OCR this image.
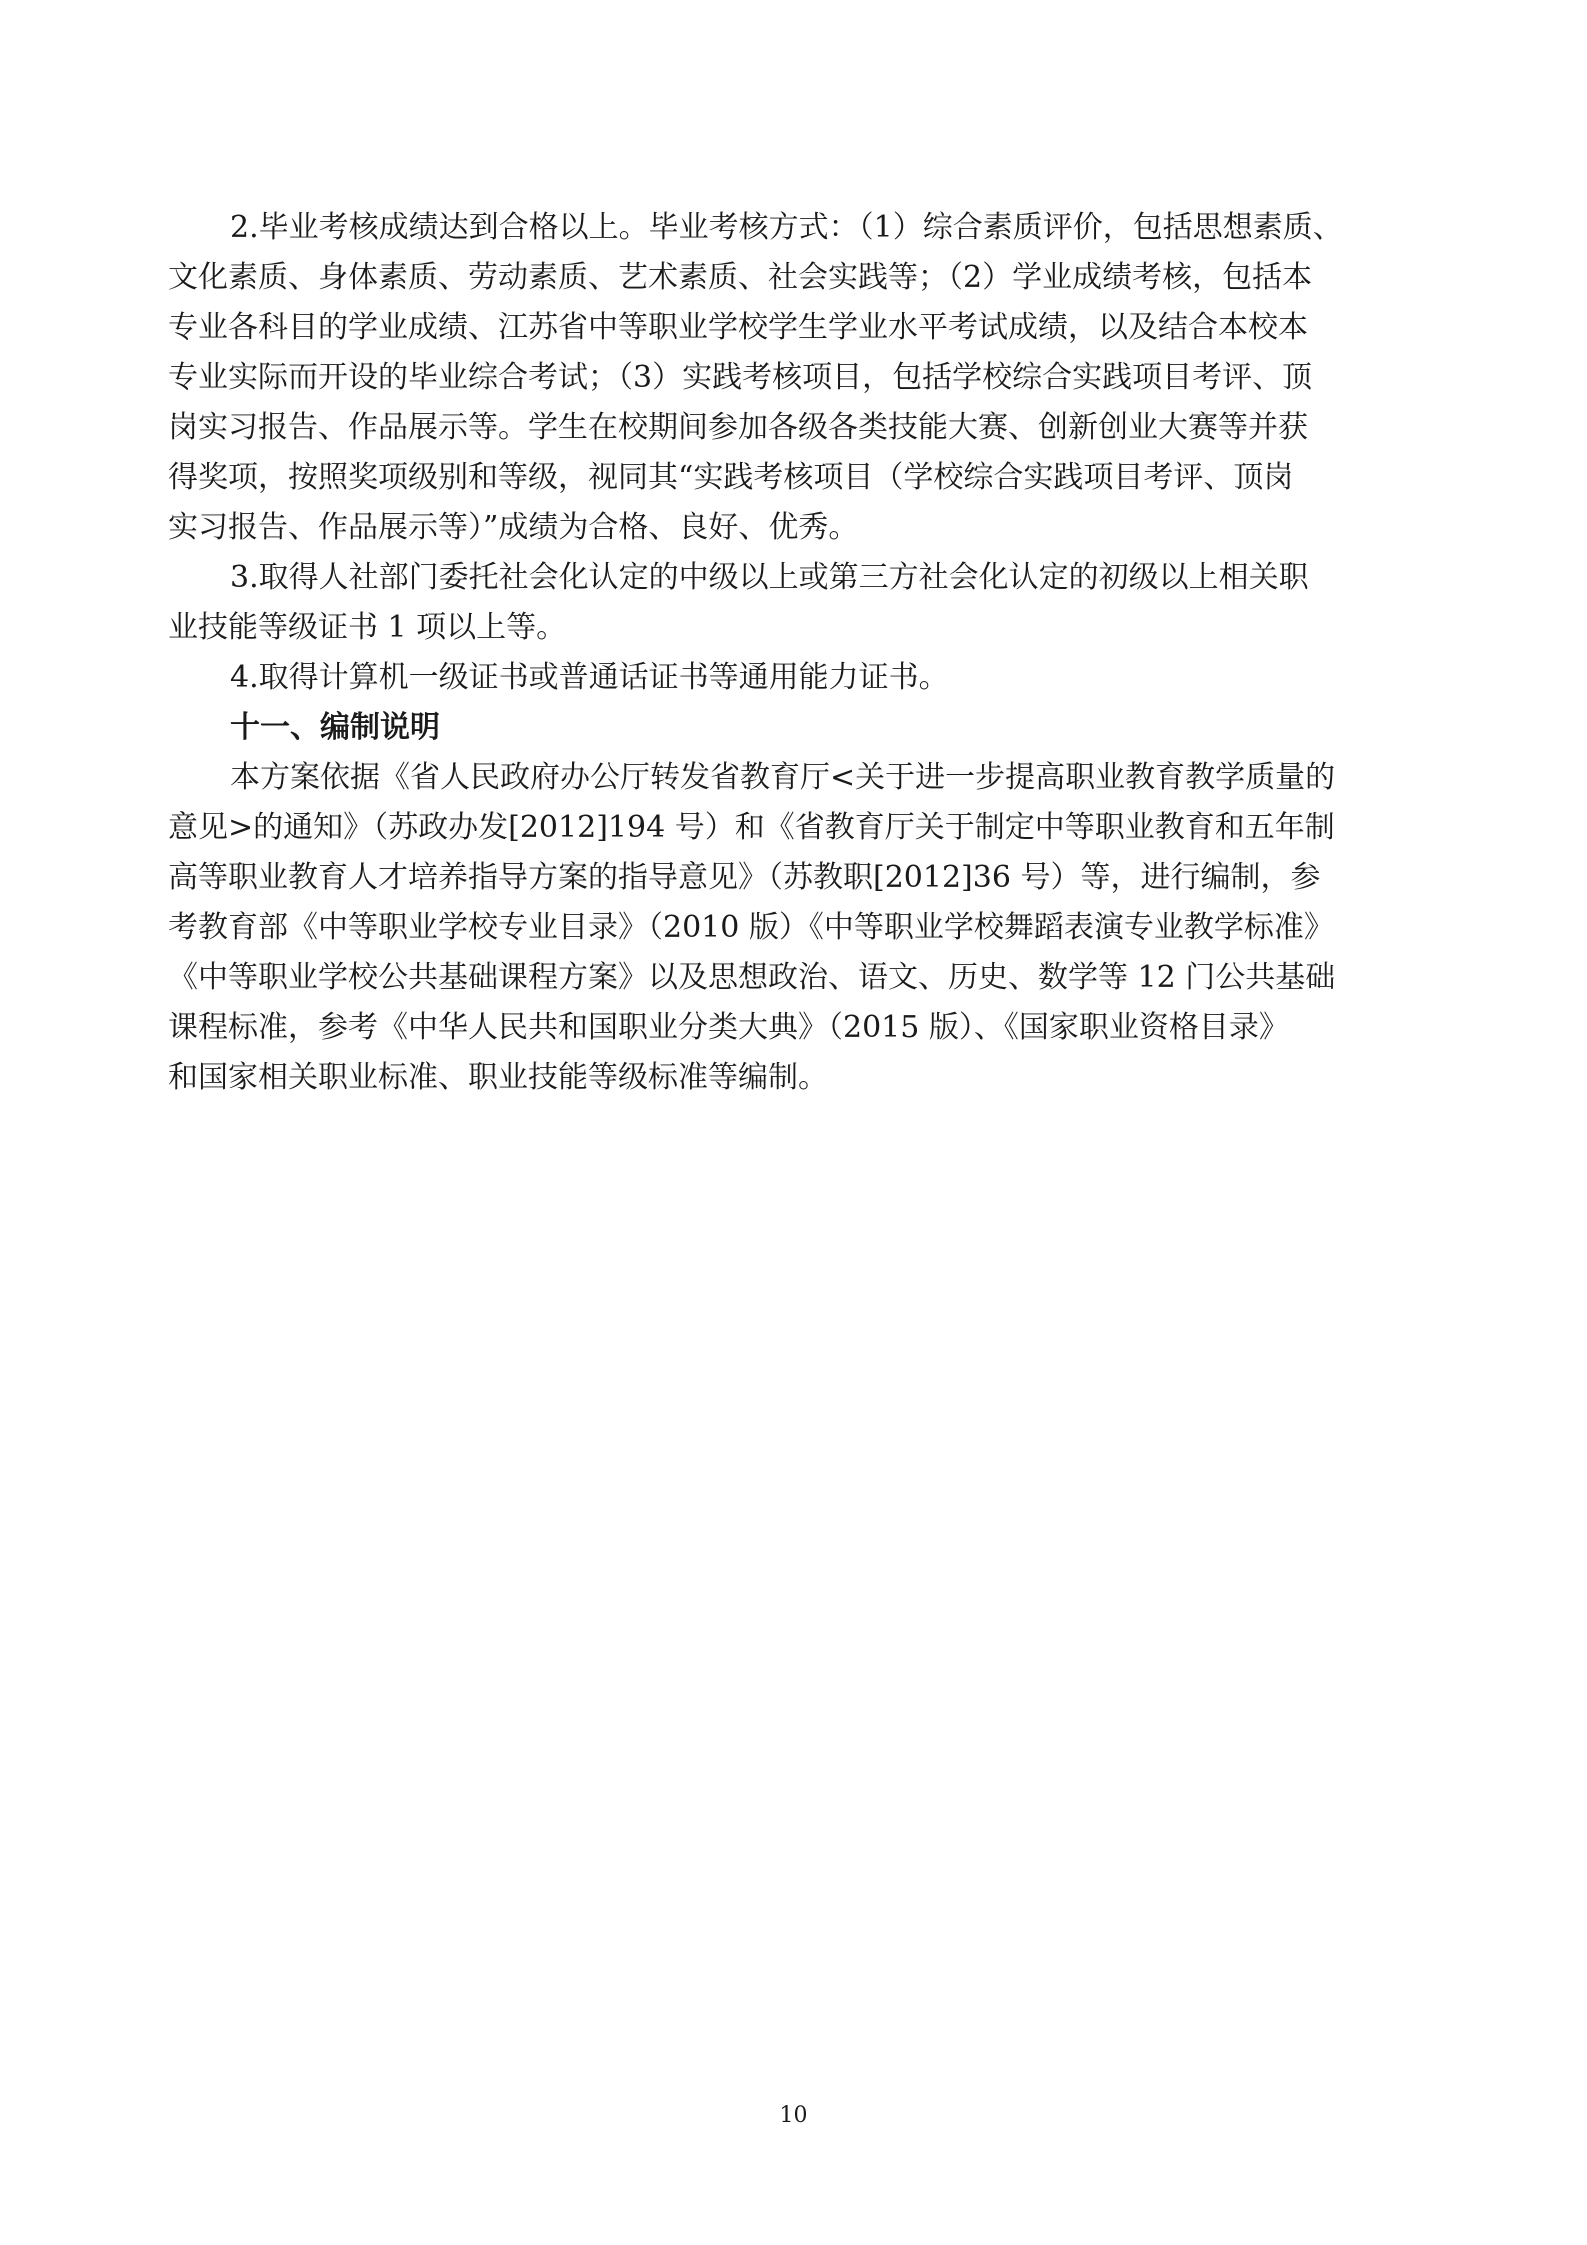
2.毕业考核成绩达到合格以上。毕业考核方式：（1）综合素质评价，包括思想素质、
文化素质、身体素质、劳动素质、艺术素质、社会实践等；（2）学业成绩考核，包括本
专业各科目的学业成绩、江苏省中等职业学校学生学业水平考试成绩，以及结合本校本
专业实际而开设的毕业综合考试；（3）实践考核项目，包括学校综合实践项目考评、顶
岗实习报告、作品展示等。学生在校期间参加各级各类技能大赛、创新创业大赛等并获
得奖项，按照奖项级别和等级，视同其“实践考核项目（学校综合实践项目考评、顶岗
实习报告、作品展示等）”成绩为合格、良好、优秀。
3.取得人社部门委托社会化认定的中级以上或第三方社会化认定的初级以上相关职
业技能等级证书 1 项以上等。
4.取得计算机一级证书或普通话证书等通用能力证书。
十一、编制说明
本方案依据《省人民政府办公厅转发省教育厅<关于进一步提高职业教育教学质量的
意见>的通知》（苏政办发[2012]194 号）和《省教育厅关于制定中等职业教育和五年制
高等职业教育人才培养指导方案的指导意见》（苏教职[2012]36 号）等，进行编制，参
考教育部《中等职业学校专业目录》（2010 版）《中等职业学校舞蹈表演专业教学标准》
《中等职业学校公共基础课程方案》以及思想政治、语文、历史、数学等 12 门公共基础
课程标准，参考《中华人民共和国职业分类大典》（2015 版）、《国家职业资格目录》
和国家相关职业标准、职业技能等级标准等编制。
10
